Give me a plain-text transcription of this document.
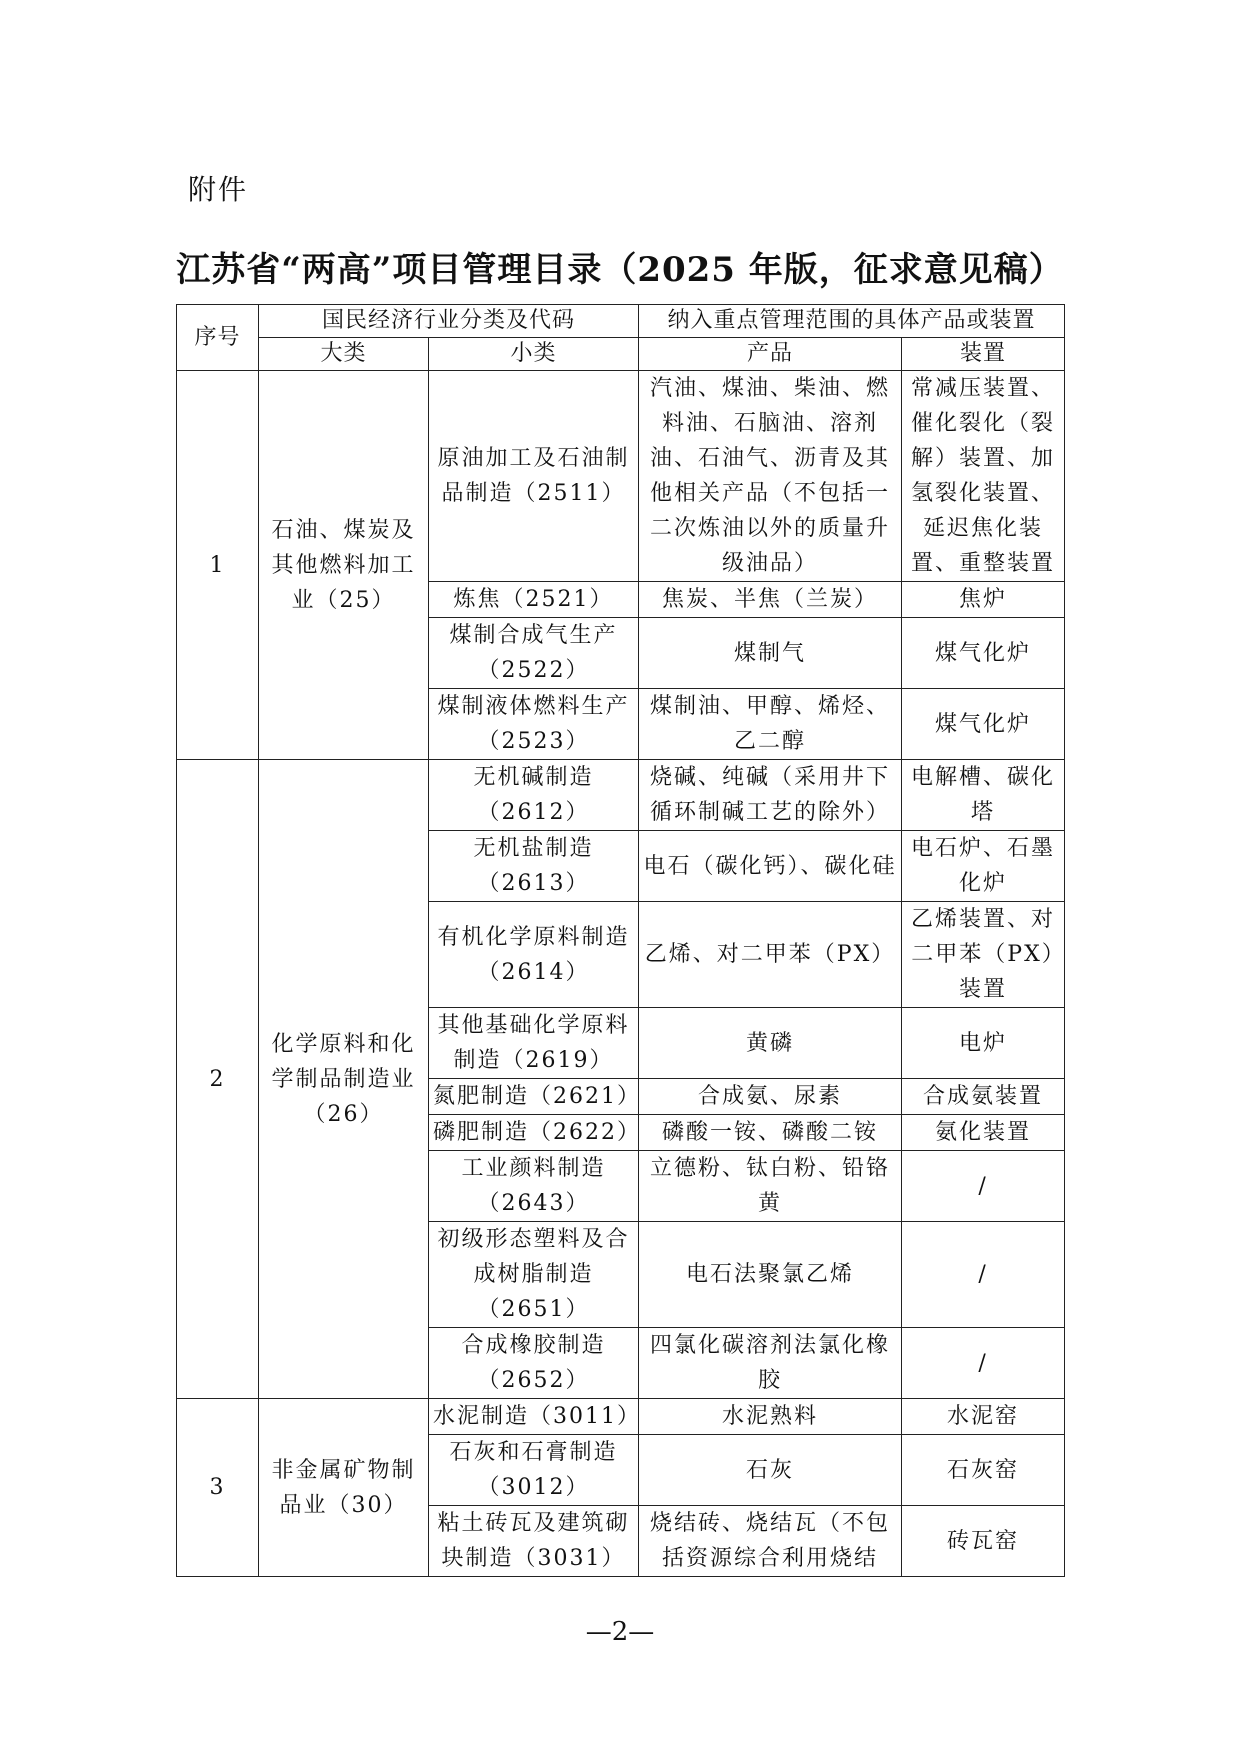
附件
江苏省“两高”项目管理目录（2025 年版，征求意见稿）
序号	国民经济行业分类及代码		纳入重点管理范围的具体产品或装置	
	大类	小类	产品	装置
1	石油、煤炭及其他燃料加工业（25）	原油加工及石油制品制造（2511）	汽油、煤油、柴油、燃料油、石脑油、溶剂油、石油气、沥青及其他相关产品（不包括一二次炼油以外的质量升级油品）	常减压装置、催化裂化（裂解）装置、加氢裂化装置、延迟焦化装置、重整装置
		炼焦（2521）	焦炭、半焦（兰炭）	焦炉
		煤制合成气生产（2522）	煤制气	煤气化炉
		煤制液体燃料生产（2523）	煤制油、甲醇、烯烃、乙二醇	煤气化炉
2	化学原料和化学制品制造业（26）	无机碱制造（2612）	烧碱、纯碱（采用井下循环制碱工艺的除外）	电解槽、碳化塔
		无机盐制造（2613）	电石（碳化钙）、碳化硅	电石炉、石墨化炉
		有机化学原料制造（2614）	乙烯、对二甲苯（PX）	乙烯装置、对二甲苯（PX）装置
		其他基础化学原料制造（2619）	黄磷	电炉
		氮肥制造（2621）	合成氨、尿素	合成氨装置
		磷肥制造（2622）	磷酸一铵、磷酸二铵	氨化装置
		工业颜料制造（2643）	立德粉、钛白粉、铅铬黄	/
		初级形态塑料及合成树脂制造（2651）	电石法聚氯乙烯	/
		合成橡胶制造（2652）	四氯化碳溶剂法氯化橡胶	/
3	非金属矿物制品业（30）	水泥制造（3011）	水泥熟料	水泥窑
		石灰和石膏制造（3012）	石灰	石灰窑
		粘土砖瓦及建筑砌块制造（3031）	烧结砖、烧结瓦（不包括资源综合利用烧结	砖瓦窑
—2—
